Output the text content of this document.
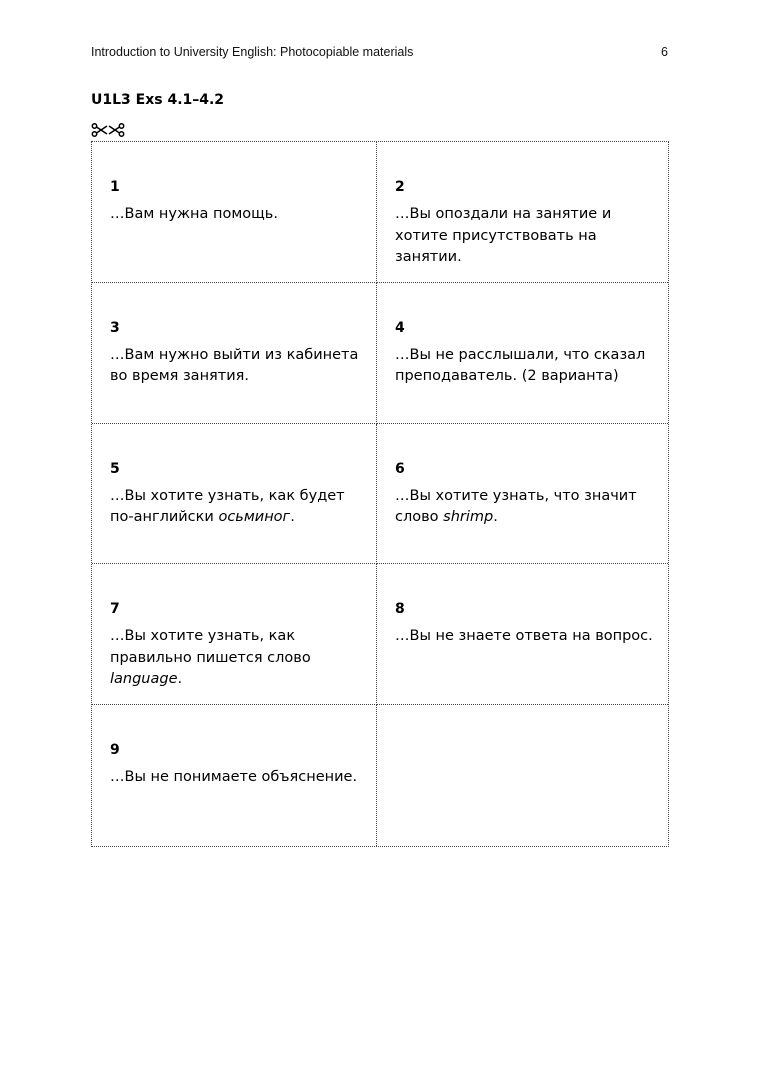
Introduction to University English: Photocopiable materials	6
U1L3 Exs 4.1–4.2
1
…Вам нужна помощь.
2
…Вы опоздали на занятие и хотите присутствовать на занятии.
3
…Вам нужно выйти из кабинета во время занятия.
4
…Вы не расслышали, что сказал преподаватель. (2 варианта)
5
…Вы хотите узнать, как будет по-английски осьминог.
6
…Вы хотите узнать, что значит слово shrimp.
7
…Вы хотите узнать, как правильно пишется слово language.
8
…Вы не знаете ответа на вопрос.
9
…Вы не понимаете объяснение.
